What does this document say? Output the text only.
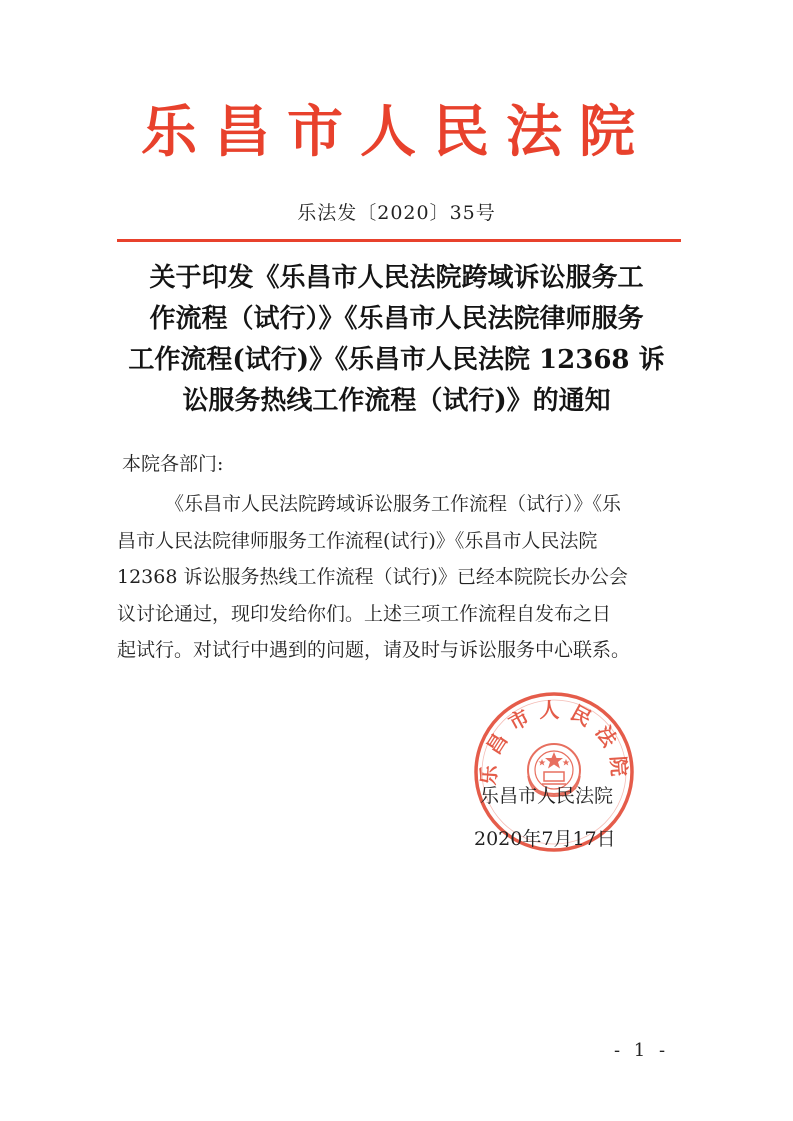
乐昌市人民法院
乐法发〔2020〕35号
关于印发《乐昌市人民法院跨域诉讼服务工
作流程（试行）》《乐昌市人民法院律师服务
工作流程(试行)》《乐昌市人民法院 12368 诉
讼服务热线工作流程（试行)》的通知
本院各部门:
《乐昌市人民法院跨域诉讼服务工作流程（试行）》《乐
昌市人民法院律师服务工作流程(试行)》《乐昌市人民法院
12368 诉讼服务热线工作流程（试行)》已经本院院长办公会
议讨论通过，现印发给你们。上述三项工作流程自发布之日
起试行。对试行中遇到的问题，请及时与诉讼服务中心联系。
乐昌市人民法院
乐昌市人民法院
2020年7月17日
- 1 -
